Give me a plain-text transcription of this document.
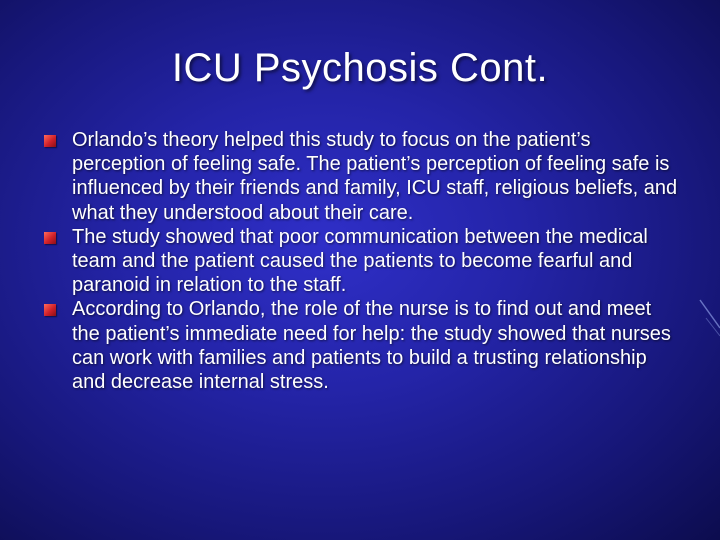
ICU Psychosis Cont.
Orlando’s theory helped this study to focus on the patient’s perception of feeling safe. The patient’s perception of feeling safe is influenced by their friends and family, ICU staff, religious beliefs, and what they understood about their care.
The study showed that poor communication between the medical team and the patient caused the patients to become fearful and paranoid in relation to the staff.
According to Orlando, the role of the nurse is to find out and meet the patient’s immediate need for help: the study showed that nurses can work with families and patients to build a trusting relationship and decrease internal stress.
